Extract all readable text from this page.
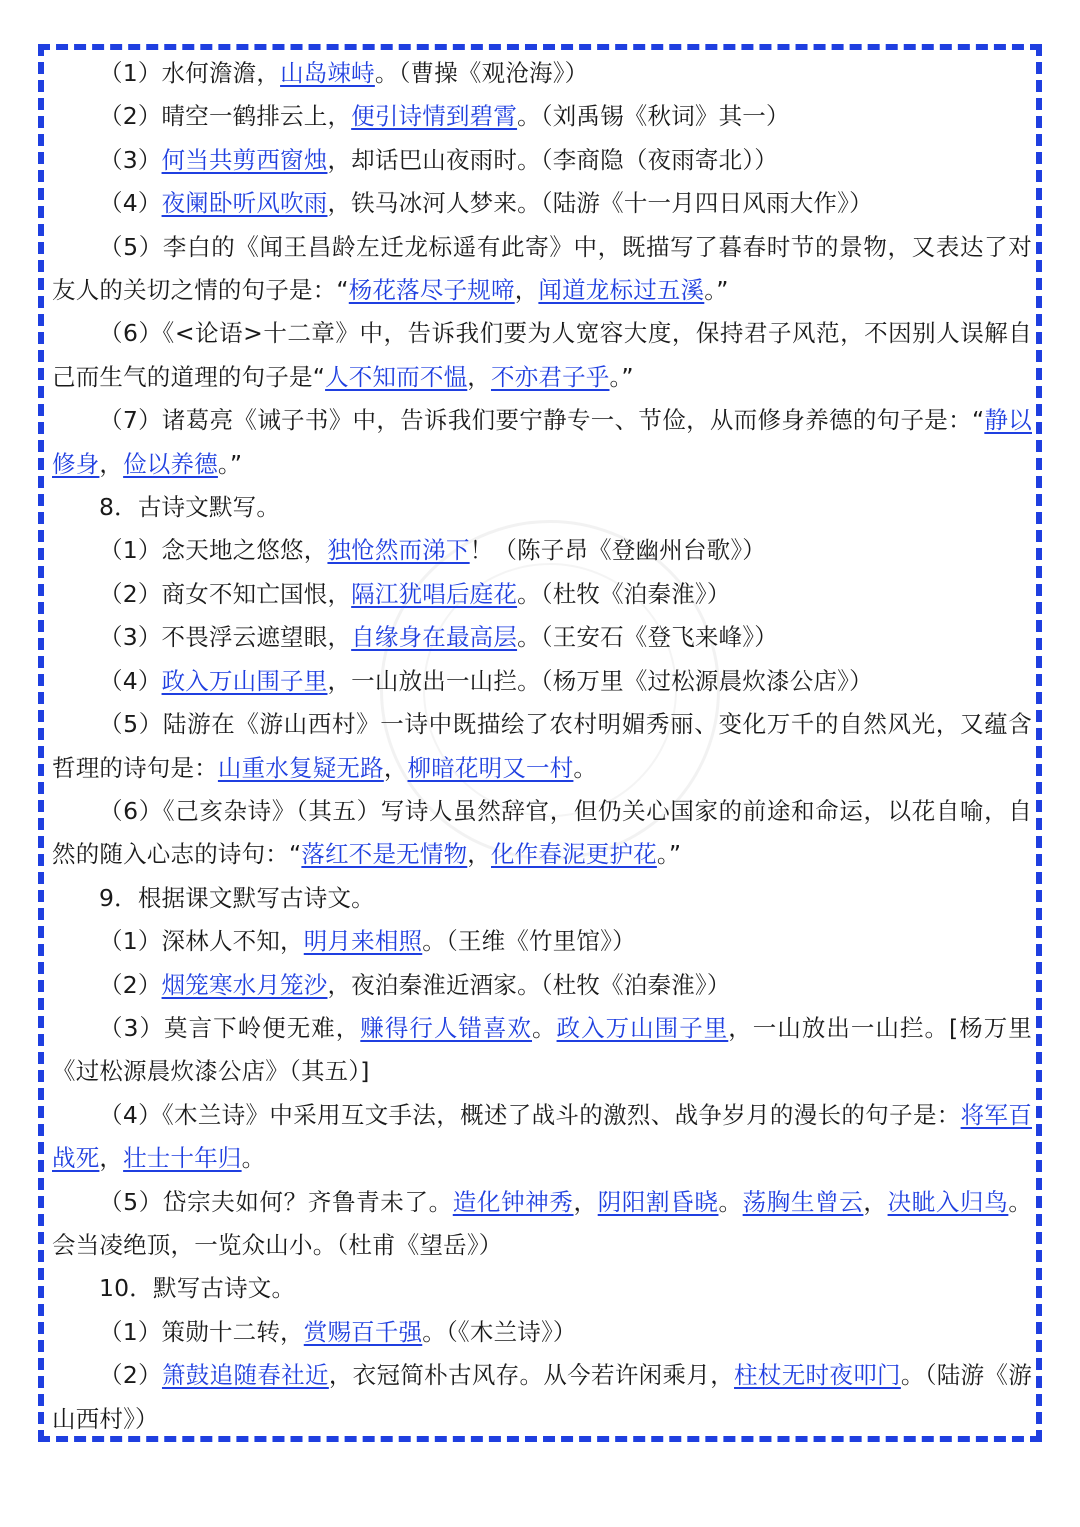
（1）水何澹澹，山岛竦峙。（曹操《观沧海》）

（2）晴空一鹤排云上，便引诗情到碧霄。（刘禹锡《秋词》其一）

（3）何当共剪西窗烛，却话巴山夜雨时。（李商隐（夜雨寄北））

（4）夜阑卧听风吹雨，铁马冰河人梦来。（陆游《十一月四日风雨大作》）

（5）李白的《闻王昌龄左迁龙标遥有此寄》中，既描写了暮春时节的景物，又表达了对友人的关切之情的句子是：“杨花落尽子规啼，闻道龙标过五溪。”

（6）《<论语>十二章》中，告诉我们要为人宽容大度，保持君子风范，不因别人误解自己而生气的道理的句子是“人不知而不愠，不亦君子乎。”

（7）诸葛亮《诫子书》中，告诉我们要宁静专一、节俭，从而修身养德的句子是：“静以修身，俭以养德。”

8．古诗文默写。

（1）念天地之悠悠，独怆然而涕下！（陈子昂《登幽州台歌》）

（2）商女不知亡国恨，隔江犹唱后庭花。（杜牧《泊秦淮》）

（3）不畏浮云遮望眼，自缘身在最高层。（王安石《登飞来峰》）

（4）政入万山围子里，一山放出一山拦。（杨万里《过松源晨炊漆公店》）

（5）陆游在《游山西村》一诗中既描绘了农村明媚秀丽、变化万千的自然风光，又蕴含哲理的诗句是：山重水复疑无路，柳暗花明又一村。

（6）《己亥杂诗》（其五）写诗人虽然辞官，但仍关心国家的前途和命运，以花自喻，自然的随入心志的诗句：“落红不是无情物，化作春泥更护花。”

9．根据课文默写古诗文。

（1）深林人不知，明月来相照。（王维《竹里馆》）

（2）烟笼寒水月笼沙，夜泊秦淮近酒家。（杜牧《泊秦淮》）

（3）莫言下岭便无难，赚得行人错喜欢。政入万山围子里，一山放出一山拦。[杨万里《过松源晨炊漆公店》（其五）]

（4）《木兰诗》中采用互文手法，概述了战斗的激烈、战争岁月的漫长的句子是：将军百战死，壮士十年归。

（5）岱宗夫如何？齐鲁青未了。造化钟神秀，阴阳割昏晓。荡胸生曾云，决眦入归鸟。会当凌绝顶，一览众山小。（杜甫《望岳》）

10．默写古诗文。

（1）策勋十二转，赏赐百千强。（《木兰诗》）

（2）箫鼓追随春社近，衣冠简朴古风存。从今若许闲乘月，柱杖无时夜叩门。（陆游《游山西村》）
